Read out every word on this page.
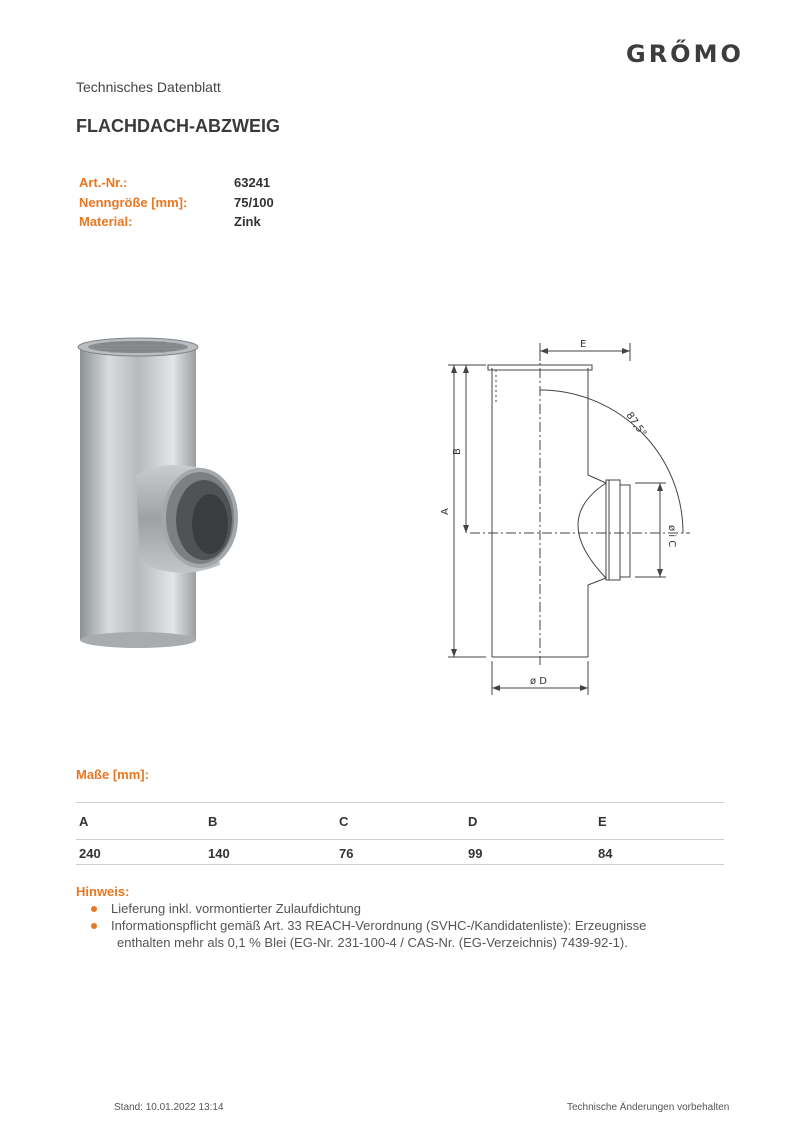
GRŐMO
Technisches Datenblatt
FLACHDACH-ABZWEIG
Art.-Nr.:	63241
Nenngröße [mm]:	75/100
Material:	Zink
E
B
A
ø i C
ø D
87,5°
Maße [mm]:
A	B	C	D	E
240	140	76	99	84
Hinweis:
Lieferung inkl. vormontierter Zulaufdichtung
Informationspflicht gemäß Art. 33 REACH-Verordnung (SVHC-/Kandidatenliste): Erzeugnisse
enthalten mehr als 0,1 % Blei (EG-Nr. 231-100-4 / CAS-Nr. (EG-Verzeichnis) 7439-92-1).
Stand: 10.01.2022 13:14	Technische Änderungen vorbehalten
